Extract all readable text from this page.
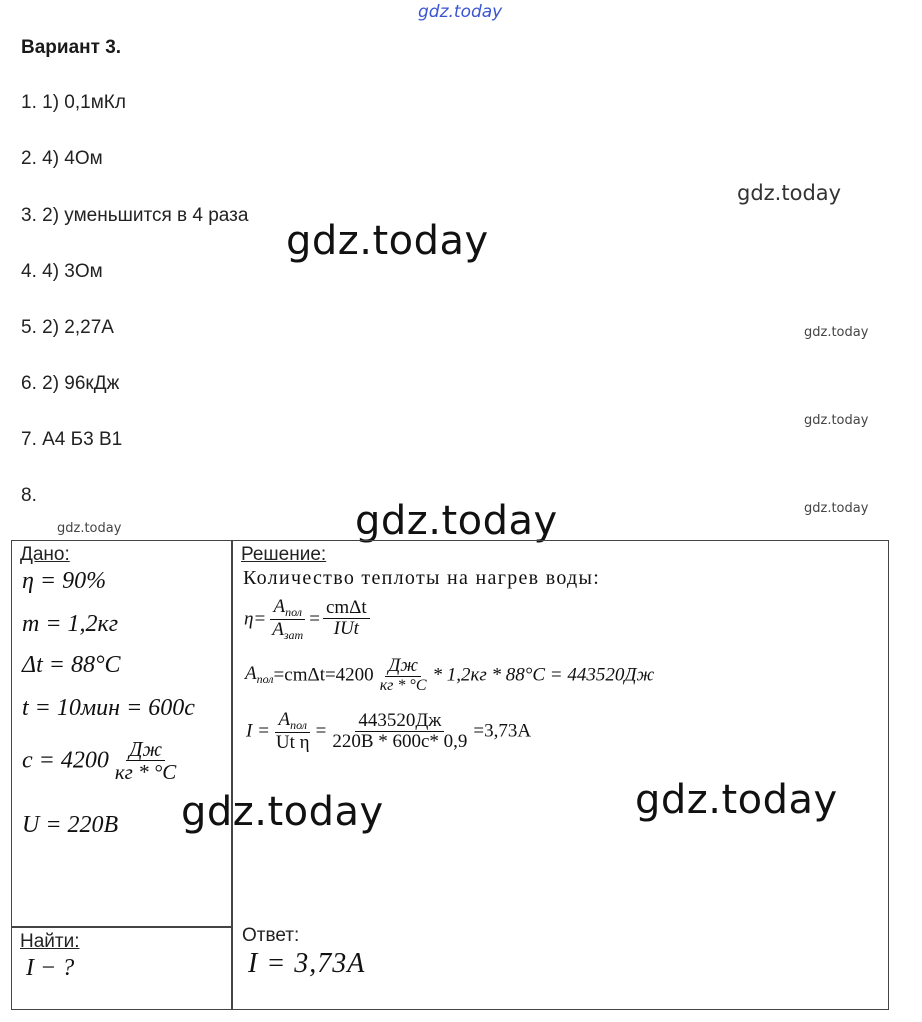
gdz.today
gdz.today
gdz.today
gdz.today
gdz.today
gdz.today
gdz.today	gdz.today
Вариант 3.
1. 1) 0,1мКл
2. 4) 4Ом
3. 2) уменьшится в 4 раза
4. 4) 3Ом
5. 2) 2,27А
6. 2) 96кДж
7. А4 Б3 В1
8.
Дано:
η = 90%
m = 1,2кг
Δt = 88°C
t = 10мин = 600с
$c = 4200 \frac{Дж}{кг * ^\circ C}$
U = 220В
Найти:
I − ?
Решение:
Количество теплоты на нагрев воды:
$\eta= \frac{A_{пол}}{A_{зат}} = \frac{\text{cmΔt}}{\text{IUt}}$
$A_{пол}=cm\Delta t=4200 \frac{Дж}{кг * ^\circ C} * 1,2кг * 88^\circ C = 443520Дж$
$I = \frac{A_{пол}}{\text{Ut η}} = \frac{443520Дж}{220В * 600с* 0,9} =3,73А$
gdz.today	gdz.today
Ответ:
I = 3,73A
